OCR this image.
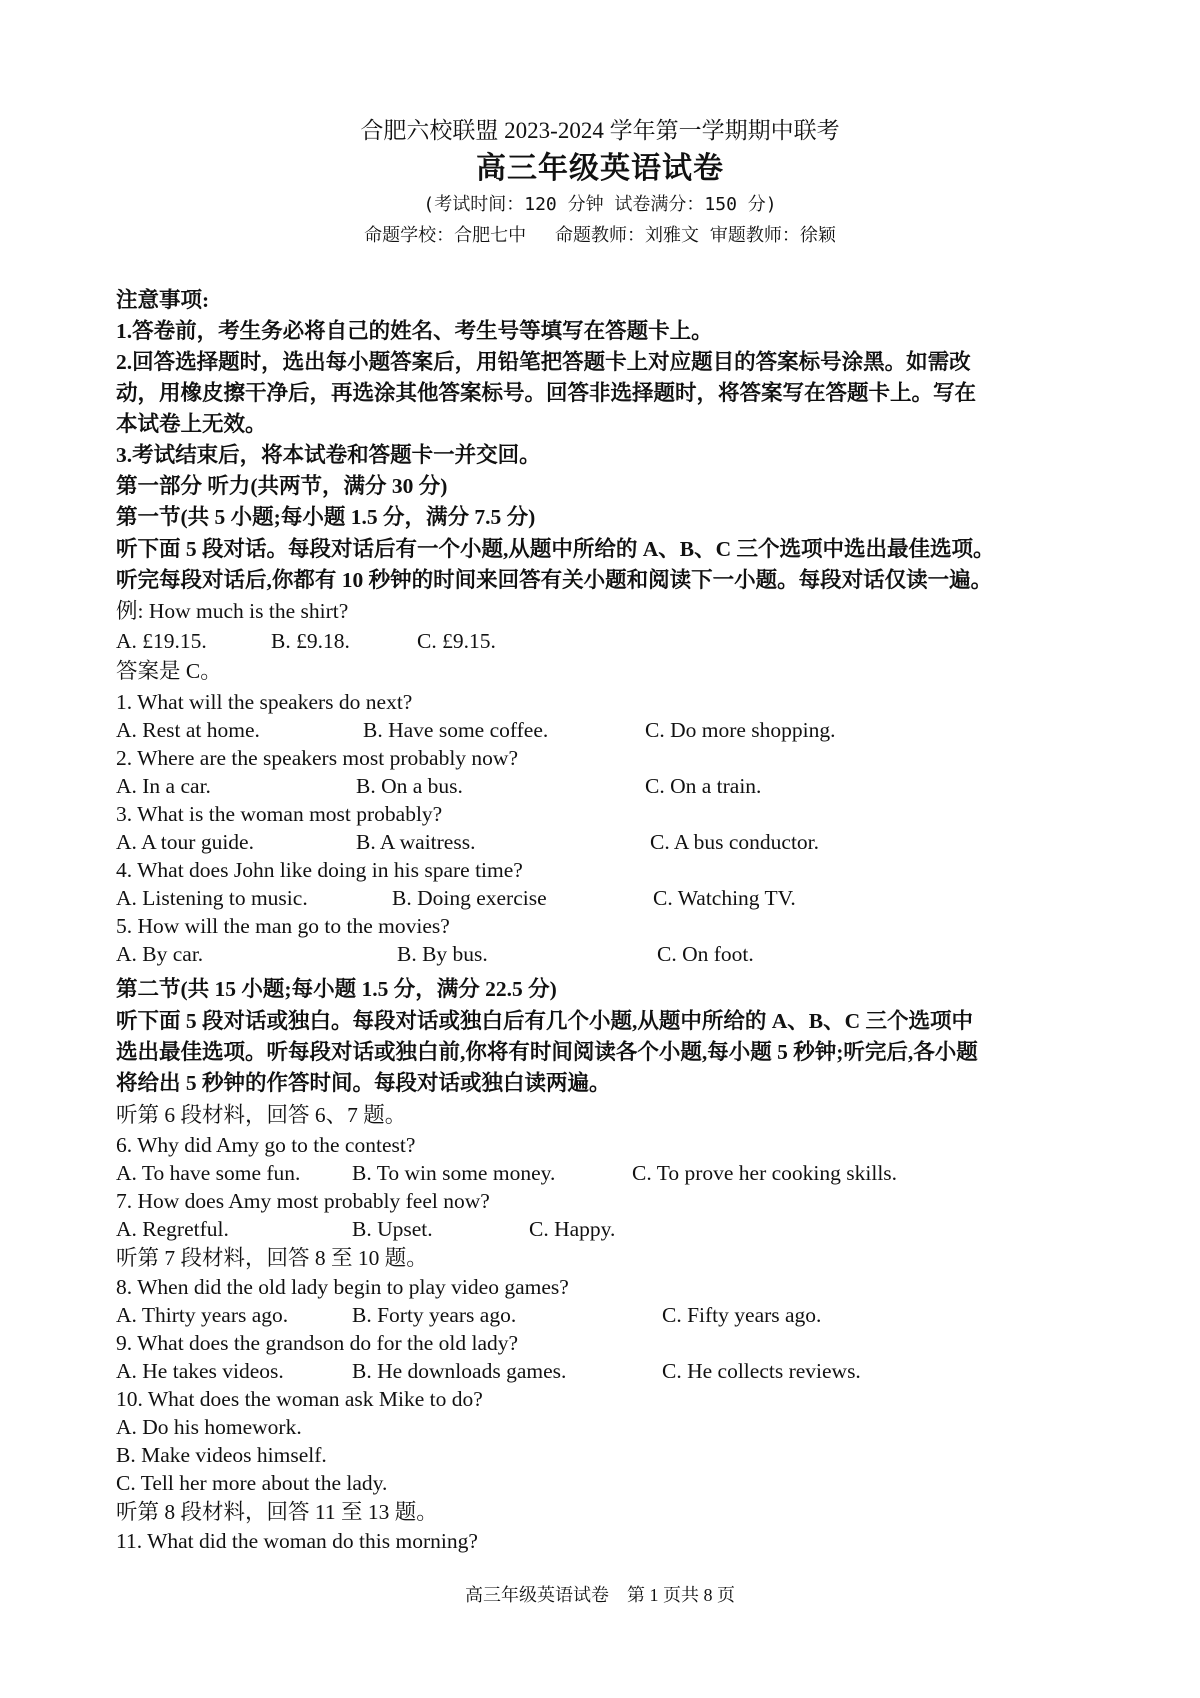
合肥六校联盟 2023-2024 学年第一学期期中联考
高三年级英语试卷
(考试时间：120 分钟 试卷满分：150 分)
命题学校：合肥七中　 命题教师：刘雅文 审题教师：徐颖
注意事项:
1.答卷前，考生务必将自己的姓名、考生号等填写在答题卡上。
2.回答选择题时，选出每小题答案后，用铅笔把答题卡上对应题目的答案标号涂黑。如需改
动，用橡皮擦干净后，再选涂其他答案标号。回答非选择题时，将答案写在答题卡上。写在
本试卷上无效。
3.考试结束后，将本试卷和答题卡一并交回。
第一部分 听力(共两节，满分 30 分)
第一节(共 5 小题;每小题 1.5 分，满分 7.5 分)
听下面 5 段对话。每段对话后有一个小题,从题中所给的 A、B、C 三个选项中选出最佳选项。
听完每段对话后,你都有 10 秒钟的时间来回答有关小题和阅读下一小题。每段对话仅读一遍。
例: How much is the shirt?
A. £19.15.	B. £9.18.	C. £9.15.
答案是 C。
1. What will the speakers do next?
A. Rest at home.	B. Have some coffee.	C. Do more shopping.
2. Where are the speakers most probably now?
A. In a car.	B. On a bus.	C. On a train.
3. What is the woman most probably?
A. A tour guide.	B. A waitress.	C. A bus conductor.
4. What does John like doing in his spare time?
A. Listening to music.	B. Doing exercise	C. Watching TV.
5. How will the man go to the movies?
A. By car.	B. By bus.	C. On foot.
第二节(共 15 小题;每小题 1.5 分，满分 22.5 分)
听下面 5 段对话或独白。每段对话或独白后有几个小题,从题中所给的 A、B、C 三个选项中
选出最佳选项。听每段对话或独白前,你将有时间阅读各个小题,每小题 5 秒钟;听完后,各小题
将给出 5 秒钟的作答时间。每段对话或独白读两遍。
听第 6 段材料，回答 6、7 题。
6. Why did Amy go to the contest?
A. To have some fun. B. To win some money.	C. To prove her cooking skills.
7. How does Amy most probably feel now?
A. Regretful.	B. Upset.	C. Happy.
听第 7 段材料，回答 8 至 10 题。
8. When did the old lady begin to play video games?
A. Thirty years ago.	B. Forty years ago.	C. Fifty years ago.
9. What does the grandson do for the old lady?
A. He takes videos.	B. He downloads games.	C. He collects reviews.
10. What does the woman ask Mike to do?
A. Do his homework.
B. Make videos himself.
C. Tell her more about the lady.
听第 8 段材料，回答 11 至 13 题。
11. What did the woman do this morning?
高三年级英语试卷　第 1 页共 8 页
